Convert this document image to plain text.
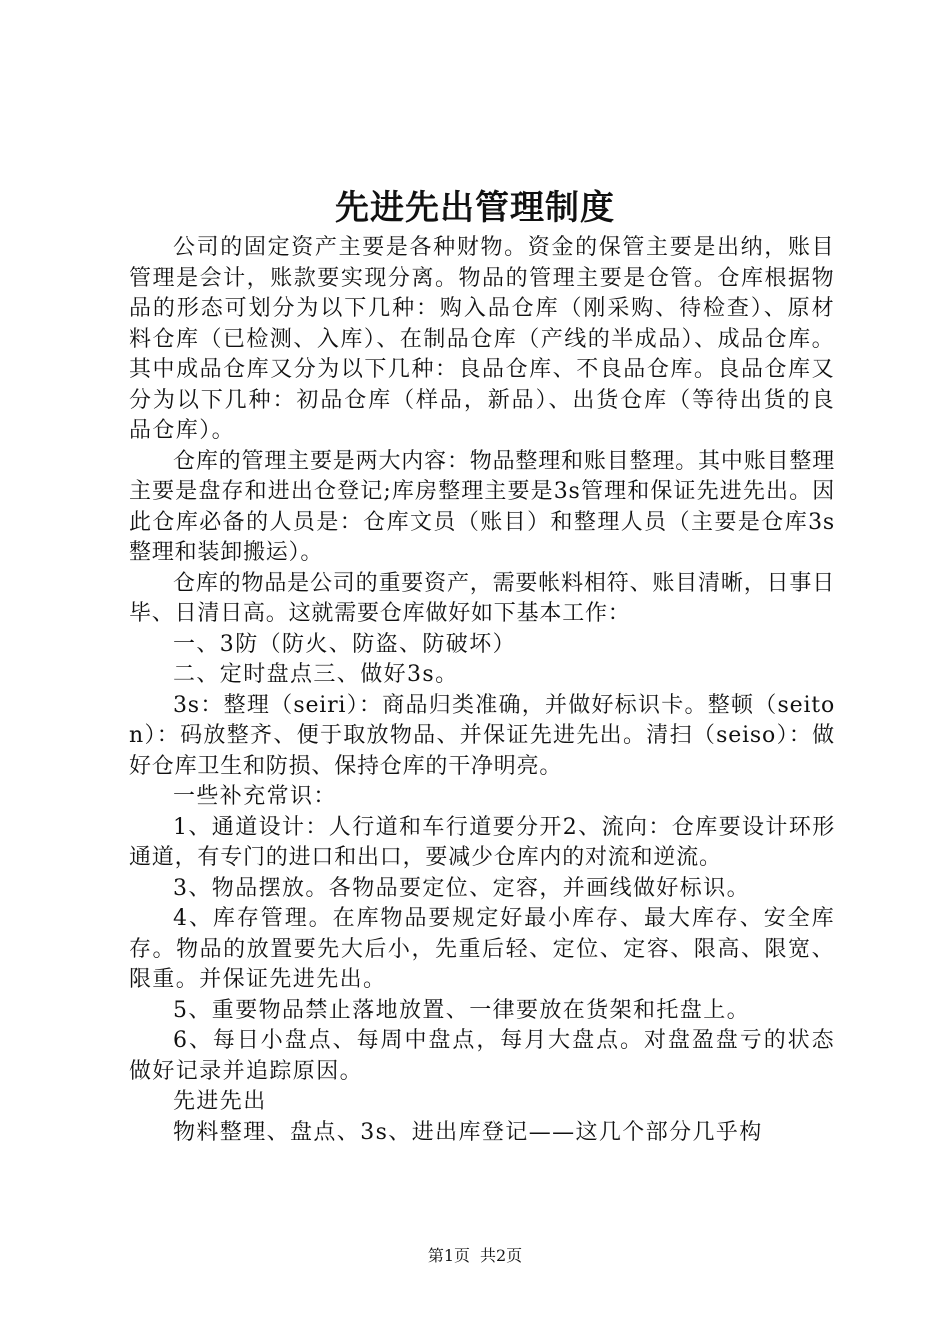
先进先出管理制度

公司的固定资产主要是各种财物。资金的保管主要是出纳，账目管理是会计，账款要实现分离。物品的管理主要是仓管。仓库根据物品的形态可划分为以下几种：购入品仓库（刚采购、待检查）、原材料仓库（已检测、入库）、在制品仓库（产线的半成品）、成品仓库。其中成品仓库又分为以下几种：良品仓库、不良品仓库。良品仓库又分为以下几种：初品仓库（样品，新品）、出货仓库（等待出货的良品仓库）。

仓库的管理主要是两大内容：物品整理和账目整理。其中账目整理主要是盘存和进出仓登记;库房整理主要是3s管理和保证先进先出。因此仓库必备的人员是：仓库文员（账目）和整理人员（主要是仓库3s整理和装卸搬运）。

仓库的物品是公司的重要资产，需要帐料相符、账目清晰，日事日毕、日清日高。这就需要仓库做好如下基本工作：

一、3防（防火、防盗、防破坏）

二、定时盘点三、做好3s。

3s：整理（seiri）：商品归类准确，并做好标识卡。整顿（seiton）：码放整齐、便于取放物品、并保证先进先出。清扫（seiso）：做好仓库卫生和防损、保持仓库的干净明亮。

一些补充常识：

1、通道设计：人行道和车行道要分开2、流向：仓库要设计环形通道，有专门的进口和出口，要减少仓库内的对流和逆流。

3、物品摆放。各物品要定位、定容，并画线做好标识。

4、库存管理。在库物品要规定好最小库存、最大库存、安全库存。物品的放置要先大后小，先重后轻、定位、定容、限高、限宽、限重。并保证先进先出。

5、重要物品禁止落地放置、一律要放在货架和托盘上。

6、每日小盘点、每周中盘点，每月大盘点。对盘盈盘亏的状态做好记录并追踪原因。

先进先出

物料整理、盘点、3s、进出库登记——这几个部分几乎构

第1页 共2页
